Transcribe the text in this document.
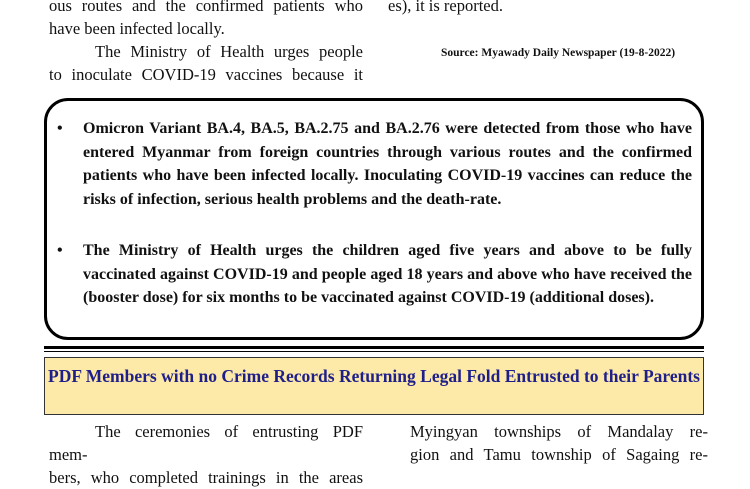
ous routes and the confirmed patients who

have been infected locally.

The Ministry of Health urges people

to inoculate COVID-19 vaccines because it

es), it is reported.

Source: Myawady Daily Newspaper (19-8-2022)
• Omicron Variant BA.4, BA.5, BA.2.75 and BA.2.76 were detected from those who have entered Myanmar from foreign countries through various routes and the confirmed patients who have been infected locally. Inoculating COVID-19 vaccines can reduce the risks of infection, serious health problems and the death-rate.
• The Ministry of Health urges the children aged five years and above to be fully vaccinated against COVID-19 and people aged 18 years and above who have received the (booster dose) for six months to be vaccinated against COVID-19 (additional doses).
PDF Members with no Crime Records Returning Legal Fold Entrusted to their Parents

The ceremonies of entrusting PDF mem-

bers, who completed trainings in the areas

Myingyan townships of Mandalay re-

gion and Tamu township of Sagaing re-
